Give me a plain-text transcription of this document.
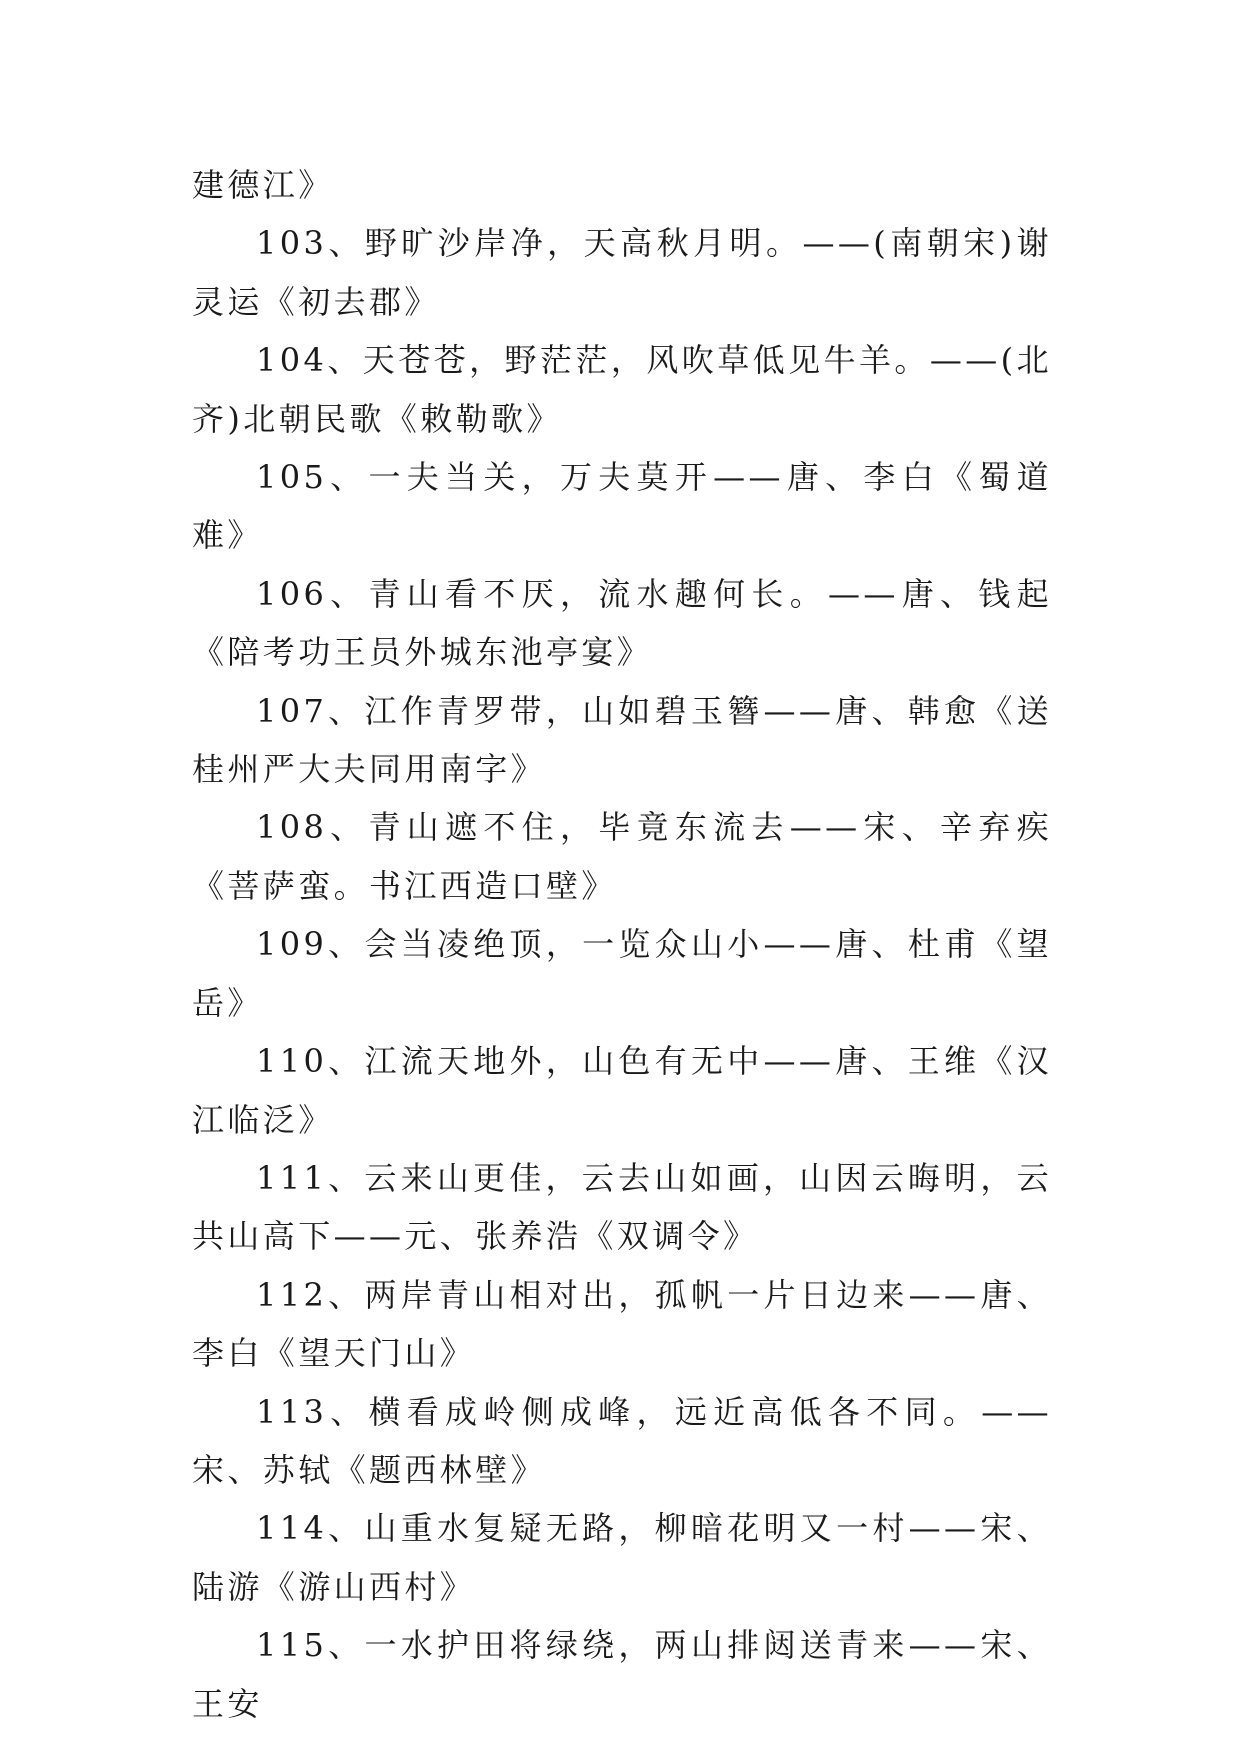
建德江》

103、野旷沙岸净，天高秋月明。——(南朝宋)谢灵运《初去郡》

104、天苍苍，野茫茫，风吹草低见牛羊。——(北齐)北朝民歌《敕勒歌》

105、一夫当关，万夫莫开——唐、李白《蜀道难》

106、青山看不厌，流水趣何长。——唐、钱起《陪考功王员外城东池亭宴》

107、江作青罗带，山如碧玉簪——唐、韩愈《送桂州严大夫同用南字》

108、青山遮不住，毕竟东流去——宋、辛弃疾《菩萨蛮。书江西造口壁》

109、会当凌绝顶，一览众山小——唐、杜甫《望岳》

110、江流天地外，山色有无中——唐、王维《汉江临泛》

111、云来山更佳，云去山如画，山因云晦明，云共山高下——元、张养浩《双调令》

112、两岸青山相对出，孤帆一片日边来——唐、李白《望天门山》

113、横看成岭侧成峰，远近高低各不同。——宋、苏轼《题西林壁》

114、山重水复疑无路，柳暗花明又一村——宋、陆游《游山西村》

115、一水护田将绿绕，两山排闼送青来——宋、王安
